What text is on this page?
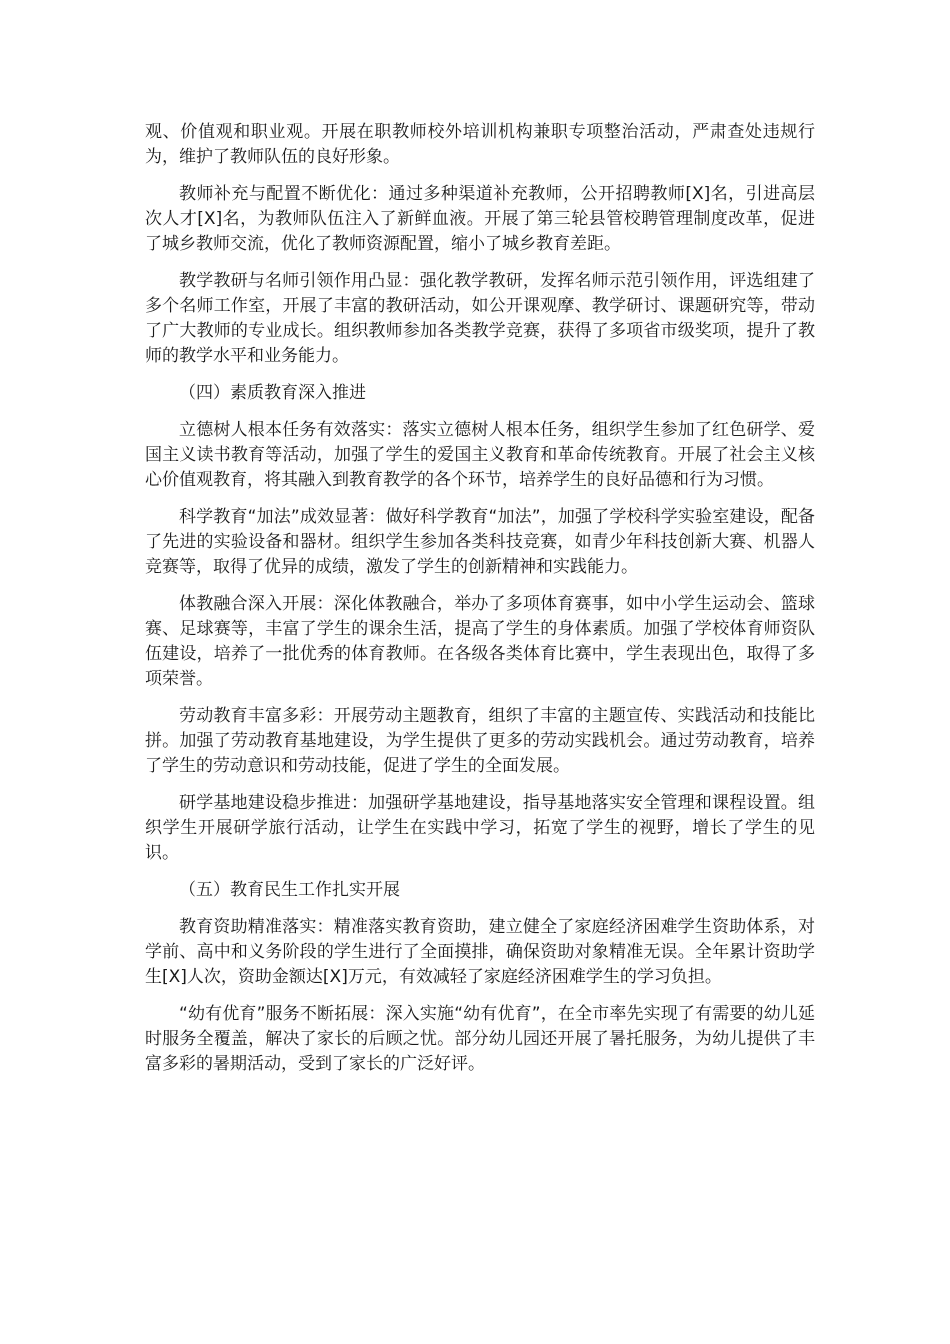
观、价值观和职业观。开展在职教师校外培训机构兼职专项整治活动，严肃查处违规行为，维护了教师队伍的良好形象。

教师补充与配置不断优化：通过多种渠道补充教师，公开招聘教师[X]名，引进高层次人才[X]名，为教师队伍注入了新鲜血液。开展了第三轮县管校聘管理制度改革，促进了城乡教师交流，优化了教师资源配置，缩小了城乡教育差距。

教学教研与名师引领作用凸显：强化教学教研，发挥名师示范引领作用，评选组建了多个名师工作室，开展了丰富的教研活动，如公开课观摩、教学研讨、课题研究等，带动了广大教师的专业成长。组织教师参加各类教学竞赛，获得了多项省市级奖项，提升了教师的教学水平和业务能力。

（四）素质教育深入推进

立德树人根本任务有效落实：落实立德树人根本任务，组织学生参加了红色研学、爱国主义读书教育等活动，加强了学生的爱国主义教育和革命传统教育。开展了社会主义核心价值观教育，将其融入到教育教学的各个环节，培养学生的良好品德和行为习惯。

科学教育“加法”成效显著：做好科学教育“加法”，加强了学校科学实验室建设，配备了先进的实验设备和器材。组织学生参加各类科技竞赛，如青少年科技创新大赛、机器人竞赛等，取得了优异的成绩，激发了学生的创新精神和实践能力。

体教融合深入开展：深化体教融合，举办了多项体育赛事，如中小学生运动会、篮球赛、足球赛等，丰富了学生的课余生活，提高了学生的身体素质。加强了学校体育师资队伍建设，培养了一批优秀的体育教师。在各级各类体育比赛中，学生表现出色，取得了多项荣誉。

劳动教育丰富多彩：开展劳动主题教育，组织了丰富的主题宣传、实践活动和技能比拼。加强了劳动教育基地建设，为学生提供了更多的劳动实践机会。通过劳动教育，培养了学生的劳动意识和劳动技能，促进了学生的全面发展。

研学基地建设稳步推进：加强研学基地建设，指导基地落实安全管理和课程设置。组织学生开展研学旅行活动，让学生在实践中学习，拓宽了学生的视野，增长了学生的见识。

（五）教育民生工作扎实开展

教育资助精准落实：精准落实教育资助，建立健全了家庭经济困难学生资助体系，对学前、高中和义务阶段的学生进行了全面摸排，确保资助对象精准无误。全年累计资助学生[X]人次，资助金额达[X]万元，有效减轻了家庭经济困难学生的学习负担。

“幼有优育”服务不断拓展：深入实施“幼有优育”，在全市率先实现了有需要的幼儿延时服务全覆盖，解决了家长的后顾之忧。部分幼儿园还开展了暑托服务，为幼儿提供了丰富多彩的暑期活动，受到了家长的广泛好评。
